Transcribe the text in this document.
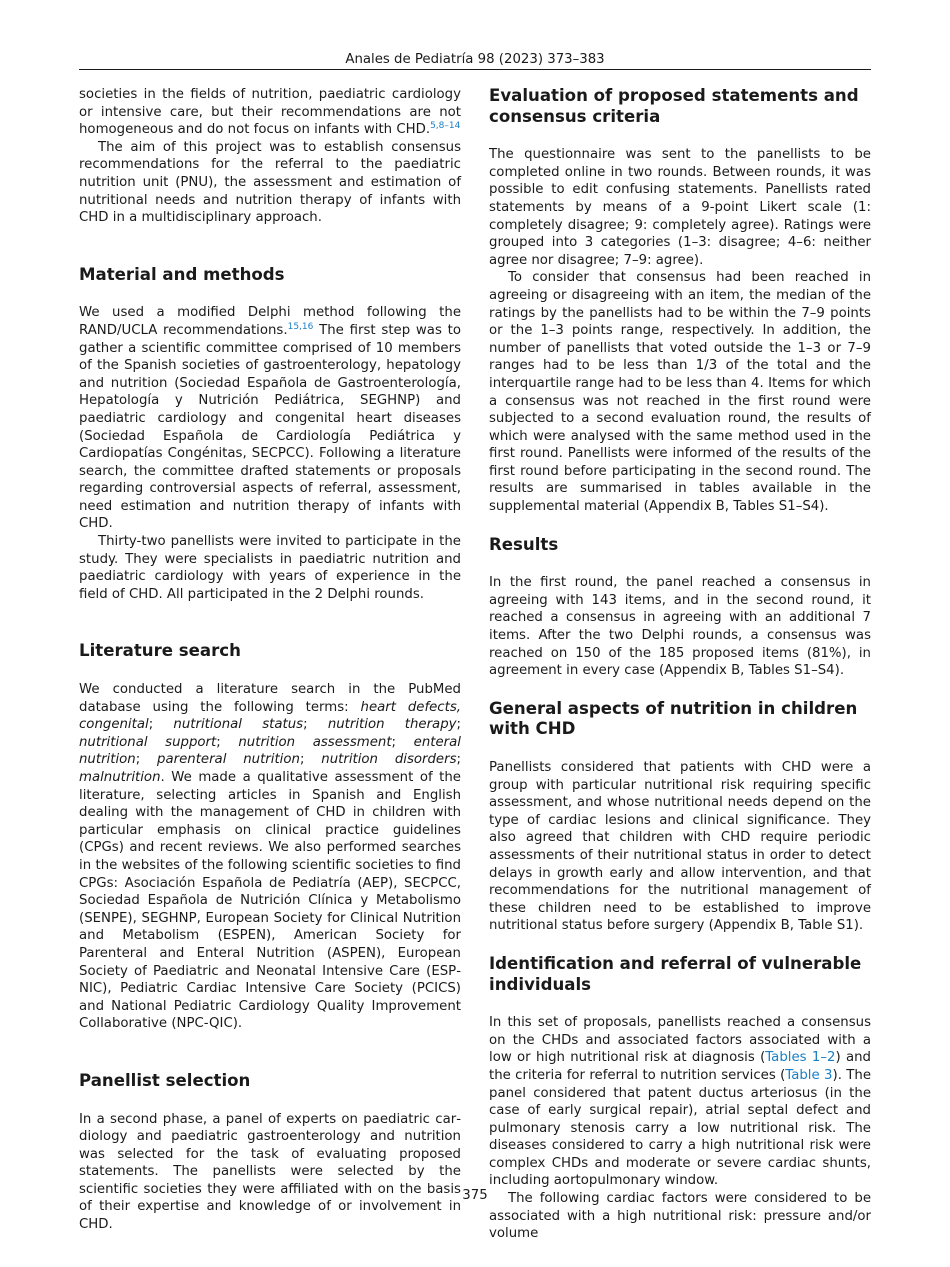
Anales de Pediatría 98 (2023) 373–383

societies in the fields of nutrition, paediatric cardiology or intensive care, but their recommendations are not homogeneous and do not focus on infants with CHD.$^{5,8-14}$

The aim of this project was to establish consensus recommendations for the referral to the paediatric nutrition unit (PNU), the assessment and estimation of nutritional needs and nutrition therapy of infants with CHD in a multidisciplinary approach.

Material and methods

We used a modified Delphi method following the RAND/UCLA recommendations.$^{15,16}$ The first step was to gather a scientific committee comprised of 10 members of the Spanish societies of gastroenterology, hepatology and nutrition (Sociedad Española de Gastroenterología, Hepatología y Nutrición Pediátrica, SEGHNP) and paediatric cardiology and congenital heart diseases (Sociedad Española de Cardiología Pediátrica y Cardiopatías Congénitas, SECPCC). Following a literature search, the committee drafted statements or proposals regarding controversial aspects of referral, assessment, need estimation and nutrition therapy of infants with CHD.

Thirty-two panellists were invited to participate in the study. They were specialists in paediatric nutrition and paediatric cardiology with years of experience in the field of CHD. All participated in the 2 Delphi rounds.

Literature search

We conducted a literature search in the PubMed database using the following terms: heart defects, congenital; nutritional status; nutrition therapy; nutritional support; nutrition assessment; enteral nutrition; parenteral nutrition; nutrition disorders; malnutrition. We made a qualitative assessment of the literature, selecting articles in Spanish and English dealing with the management of CHD in children with particular emphasis on clinical practice guidelines (CPGs) and recent reviews. We also performed searches in the websites of the following scientific societies to find CPGs: Asociación Española de Pediatría (AEP), SECPCC, Sociedad Española de Nutrición Clínica y Metabolismo (SENPE), SEGHNP, European Society for Clinical Nutrition and Metabolism (ESPEN), American Society for Parenteral and Enteral Nutrition (ASPEN), European Society of Paediatric and Neonatal Intensive Care (ESPNIC), Pediatric Cardiac Intensive Care Society (PCICS) and National Pediatric Cardiology Quality Improvement Collaborative (NPC-QIC).

Panellist selection

In a second phase, a panel of experts on paediatric cardiology and paediatric gastroenterology and nutrition was selected for the task of evaluating proposed statements. The panellists were selected by the scientific societies they were affiliated with on the basis of their expertise and knowledge of or involvement in CHD.

Evaluation of proposed statements and consensus criteria

The questionnaire was sent to the panellists to be completed online in two rounds. Between rounds, it was possible to edit confusing statements. Panellists rated statements by means of a 9-point Likert scale (1: completely disagree; 9: completely agree). Ratings were grouped into 3 categories (1–3: disagree; 4–6: neither agree nor disagree; 7–9: agree).

To consider that consensus had been reached in agreeing or disagreeing with an item, the median of the ratings by the panellists had to be within the 7–9 points or the 1–3 points range, respectively. In addition, the number of panellists that voted outside the 1–3 or 7–9 ranges had to be less than 1/3 of the total and the interquartile range had to be less than 4. Items for which a consensus was not reached in the first round were subjected to a second evaluation round, the results of which were analysed with the same method used in the first round. Panellists were informed of the results of the first round before participating in the second round. The results are summarised in tables available in the supplemental material (Appendix B, Tables S1–S4).

Results

In the first round, the panel reached a consensus in agreeing with 143 items, and in the second round, it reached a consensus in agreeing with an additional 7 items. After the two Delphi rounds, a consensus was reached on 150 of the 185 proposed items (81%), in agreement in every case (Appendix B, Tables S1–S4).

General aspects of nutrition in children with CHD

Panellists considered that patients with CHD were a group with particular nutritional risk requiring specific assessment, and whose nutritional needs depend on the type of cardiac lesions and clinical significance. They also agreed that children with CHD require periodic assessments of their nutritional status in order to detect delays in growth early and allow intervention, and that recommendations for the nutritional management of these children need to be established to improve nutritional status before surgery (Appendix B, Table S1).

Identification and referral of vulnerable individuals

In this set of proposals, panellists reached a consensus on the CHDs and associated factors associated with a low or high nutritional risk at diagnosis (Tables 1–2) and the criteria for referral to nutrition services (Table 3). The panel considered that patent ductus arteriosus (in the case of early surgical repair), atrial septal defect and pulmonary stenosis carry a low nutritional risk. The diseases considered to carry a high nutritional risk were complex CHDs and moderate or severe cardiac shunts, including aortopulmonary window.

The following cardiac factors were considered to be associated with a high nutritional risk: pressure and/or volume

375
